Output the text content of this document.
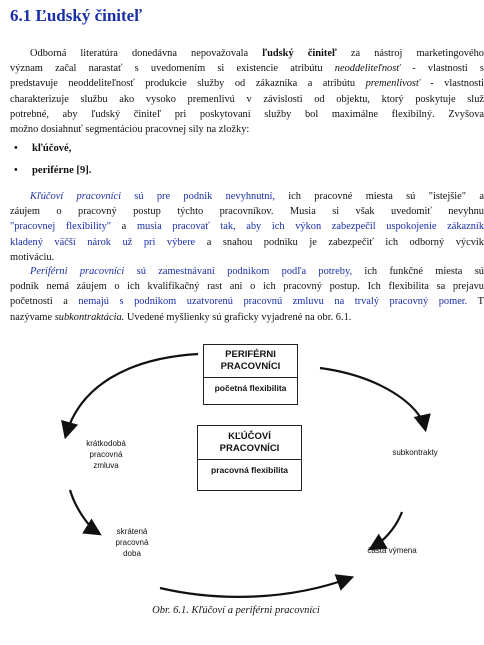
6.1 Ľudský činiteľ
Odborná literatúra donedávna nepovažovala ľudský činiteľ za nástroj marketingového
význam začal narastať s uvedomením si existencie atribútu neoddeliteľnosť - vlastnosti s
predstavuje neoddeliteľnosť produkcie služby od zákazníka a atribútu premenlivosť - vlastnosti
charakterizuje službu ako vysoko premenlivú v závislosti od objektu, ktorý poskytuje služ
potrebné, aby ľudský činiteľ pri poskytovaní služby bol maximálne flexibilný. Zvyšova
možno dosiahnuť segmentáciou pracovnej sily na zložky:
• kľúčové,
• periférne [9].
Kľúčoví pracovníci sú pre podnik nevyhnutní, ich pracovné miesta sú "istejšie" a
záujem o pracovný postup týchto pracovníkov. Musia si však uvedomiť nevyhnu
"pracovnej flexibility" a musia pracovať tak, aby ich výkon zabezpečil uspokojenie zákazník
kladený väčší nárok už pri výbere a snahou podniku je zabezpečiť ich odborný výcvik
motiváciu.
Periférni pracovníci sú zamestnávaní podnikom podľa potreby, ich funkčné miesta sú
podnik nemá záujem o ich kvalifikačný rast ani o ich pracovný postup. Ich flexibilita sa prejavu
početnosti a nemajú s podnikom uzatvorenú pracovnú zmluvu na trvalý pracovný pomer. T
nazývame subkontraktácia. Uvedené myšlienky sú graficky vyjadrené na obr. 6.1.
PERIFÉRNI
PRACOVNÍCI
početná flexibilita
KĽÚČOVÍ
PRACOVNÍCI
pracovná flexibilita
krátkodobá
pracovná
zmluva
subkontrakty
skrátená
pracovná
doba	častá výmena
Obr. 6.1. Kľúčoví a periférni pracovníci
